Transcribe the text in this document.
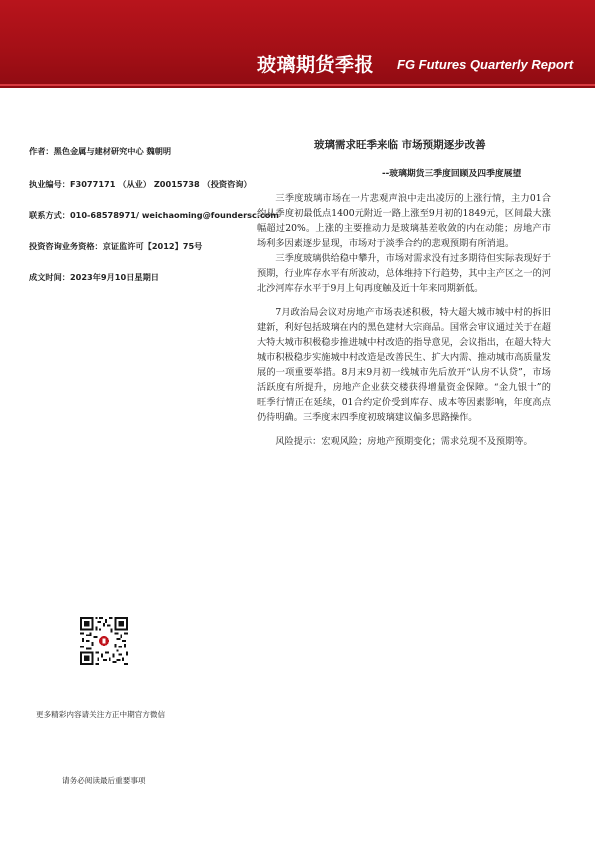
玻璃期货季报 FG Futures Quarterly Report
作者：黑色金属与建材研究中心 魏朝明
执业编号：F3077171 （从业） Z0015738 （投资咨询）
联系方式：010-68578971/ weichaoming@foundersc.com
投资咨询业务资格：京证监许可【2012】75号
成文时间：2023年9月10日星期日
玻璃需求旺季来临 市场预期逐步改善
--玻璃期货三季度回顾及四季度展望

三季度玻璃市场在一片悲观声浪中走出凌厉的上涨行情，主力01合约从季度初最低点1400元附近一路上涨至9月初的1849元，区间最大涨幅超过20%。上涨的主要推动力是玻璃基差收敛的内在动能；房地产市场利多因素逐步显现，市场对于淡季合约的悲观预期有所消退。

三季度玻璃供给稳中攀升，市场对需求没有过多期待但实际表现好于预期，行业库存水平有所波动，总体维持下行趋势，其中主产区之一的河北沙河库存水平于9月上旬再度触及近十年来同期新低。

7月政治局会议对房地产市场表述积极，特大超大城市城中村的拆旧建新，利好包括玻璃在内的黑色建材大宗商品。国常会审议通过关于在超大特大城市积极稳步推进城中村改造的指导意见，会议指出，在超大特大城市积极稳步实施城中村改造是改善民生、扩大内需、推动城市高质量发展的一项重要举措。8月末9月初一线城市先后放开“认房不认贷”，市场活跃度有所提升，房地产企业获交楼获得增量资金保障。“金九银十”的旺季行情正在延续，01合约定价受到库存、成本等因素影响，年度高点仍待明确。三季度末四季度初玻璃建议偏多思路操作。

风险提示：宏观风险；房地产预期变化；需求兑现不及预期等。

更多精彩内容请关注方正中期官方微信
请务必阅读最后重要事项
